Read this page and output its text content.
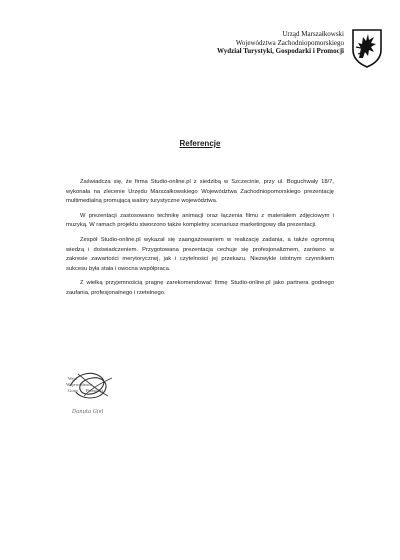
Urząd Marszałkowski
Województwa Zachodniopomorskiego
Wydział Turystyki, Gospodarki i Promocji
Referencje

Zaświadcza się, że firma Studio-online.pl z siedzibą w Szczecinie, przy ul. Boguchwały 18/7, wykonała na zlecenie Urzędu Marszałkowskiego Województwa Zachodniopomorskiego prezentację multimedialną promującą walory turystyczne województwa.

W prezentacji zastosowano technikę animacji oraz łączenia filmu z materiałem zdjęciowym i muzyką. W ramach projektu stworzono także kompletny scenariusz marketingowy dla prezentacji.

Zespół Studio-online.pl wykazał się zaangażowaniem w realizację zadania, a także ogromną wiedzą i doświadczeniem. Przygotowana prezentacja cechuje się profesjonalizmem, zarówno w zakresie zawartości merytorycznej, jak i czytelności jej przekazu. Niezwykle istotnym czynnikiem sukcesu była stała i owocna współpraca.

Z wielką przyjemnością pragnę zarekomendować firmę Studio-online.pl jako partnera godnego zaufania, profesjonalnego i rzetelnego.

Wyd
Województwa
Gosp Promocji
Danuta Giel
